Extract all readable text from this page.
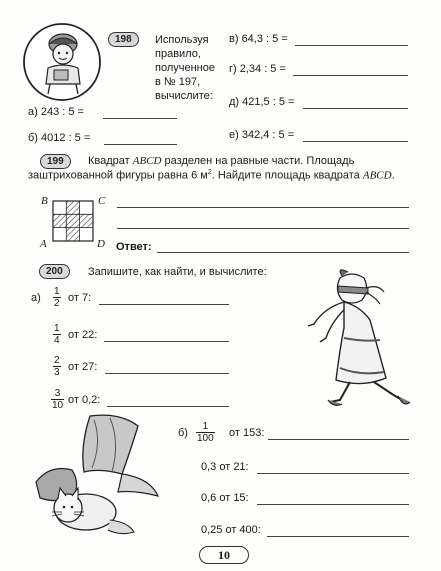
198	Используя
правило,
полученное
в № 197,
вычислите:
а) 243 : 5 =
б) 4012 : 5 =
в) 64,3 : 5 =
г) 2,34 : 5 =
д) 421,5 : 5 =
е) 342,4 : 5 =
199	Квадрат ABCD разделен на равные части. Площадь
заштрихованной фигуры равна 6 $м^2$. Найдите площадь квадрата ABCD.
B	C
A	D Ответ:
200	Запишите, как найти, и вычислите:
$а) \frac{1}{2}$ от 7:
$\frac{1}{4}$ от 22:
$\frac{2}{3}$ от 27:
$\frac{3}{10}$ от 0,2:
$б) \frac{1}{100}$ от 153:
0,3 от 21:
0,6 от 15:
0,25 от 400:
10
